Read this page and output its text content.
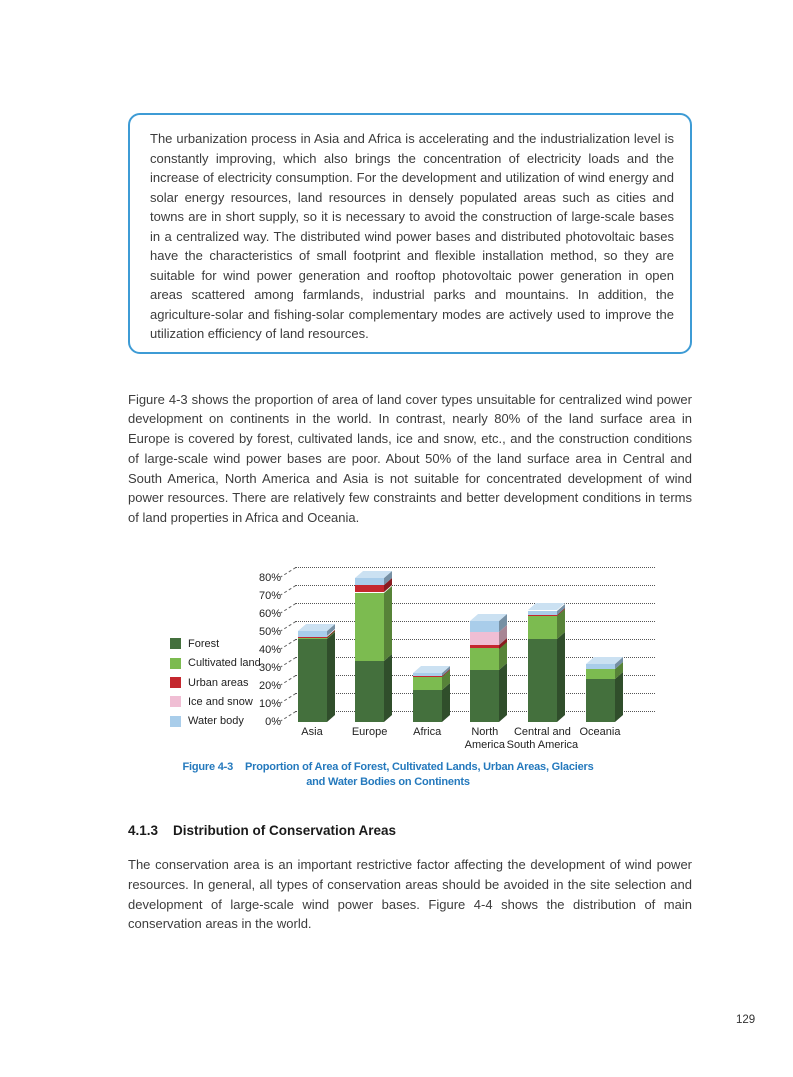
The urbanization process in Asia and Africa is accelerating and the industrialization level is constantly improving, which also brings the concentration of electricity loads and the increase of electricity consumption. For the development and utilization of wind energy and solar energy resources, land resources in densely populated areas such as cities and towns are in short supply, so it is necessary to avoid the construction of large-scale bases in a centralized way. The distributed wind power bases and distributed photovoltaic bases have the characteristics of small footprint and flexible installation method, so they are suitable for wind power generation and rooftop photovoltaic power generation in open areas scattered among farmlands, industrial parks and mountains. In addition, the agriculture-solar and fishing-solar complementary modes are actively used to improve the utilization efficiency of land resources.

Figure 4-3 shows the proportion of area of land cover types unsuitable for centralized wind power development on continents in the world. In contrast, nearly 80% of the land surface area in Europe is covered by forest, cultivated lands, ice and snow, etc., and the construction conditions of large-scale wind power bases are poor. About 50% of the land surface area in Central and South America, North America and Asia is not suitable for concentrated development of wind power resources. There are relatively few constraints and better development conditions in terms of land properties in Africa and Oceania.

Forest
Cultivated land
Urban areas
Ice and snow
Water body	0%
10%
20%
30%
40%
50%
60%
70%
80%
Asia	Europe	Africa	North
America
Central and
South America
Oceania
Figure 4-3 Proportion of Area of Forest, Cultivated Lands, Urban Areas, Glaciers
and Water Bodies on Continents
4.1.3 Distribution of Conservation Areas

The conservation area is an important restrictive factor affecting the development of wind power resources. In general, all types of conservation areas should be avoided in the site selection and development of large-scale wind power bases. Figure 4-4 shows the distribution of main conservation areas in the world.

129
